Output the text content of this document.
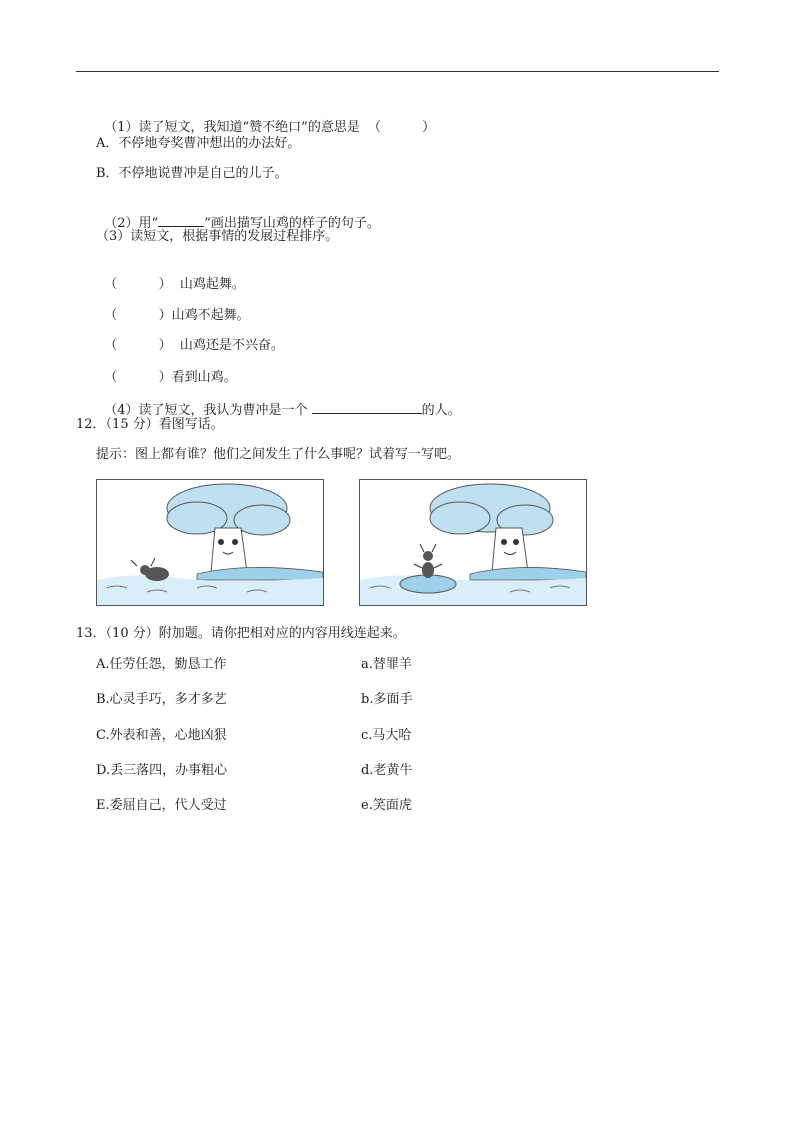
（1）读了短文，我知道“赞不绝口”的意思是 （          ）

A．不停地夸奖曹冲想出的办法好。
B．不停地说曹冲是自己的儿子。

（2）用“	”画出描写山鸡的样子的句子。

（3）读短文，根据事情的发展过程排序。

（          ）  山鸡起舞。

（          ）山鸡不起舞。

（          ）  山鸡还是不兴奋。

（          ）看到山鸡。

（4）读了短文，我认为曹冲是一个	的人。

12．（15 分）看图写话。
提示：图上都有谁？他们之间发生了什么事呢？试着写一写吧。
13．（10 分）附加题。请你把相对应的内容用线连起来。
A.任劳任怨，勤恳工作
B.心灵手巧，多才多艺
C.外表和善，心地凶狠
D.丢三落四，办事粗心
E.委屈自己，代人受过
a.替罪羊
b.多面手
c.马大哈
d.老黄牛
e.笑面虎
